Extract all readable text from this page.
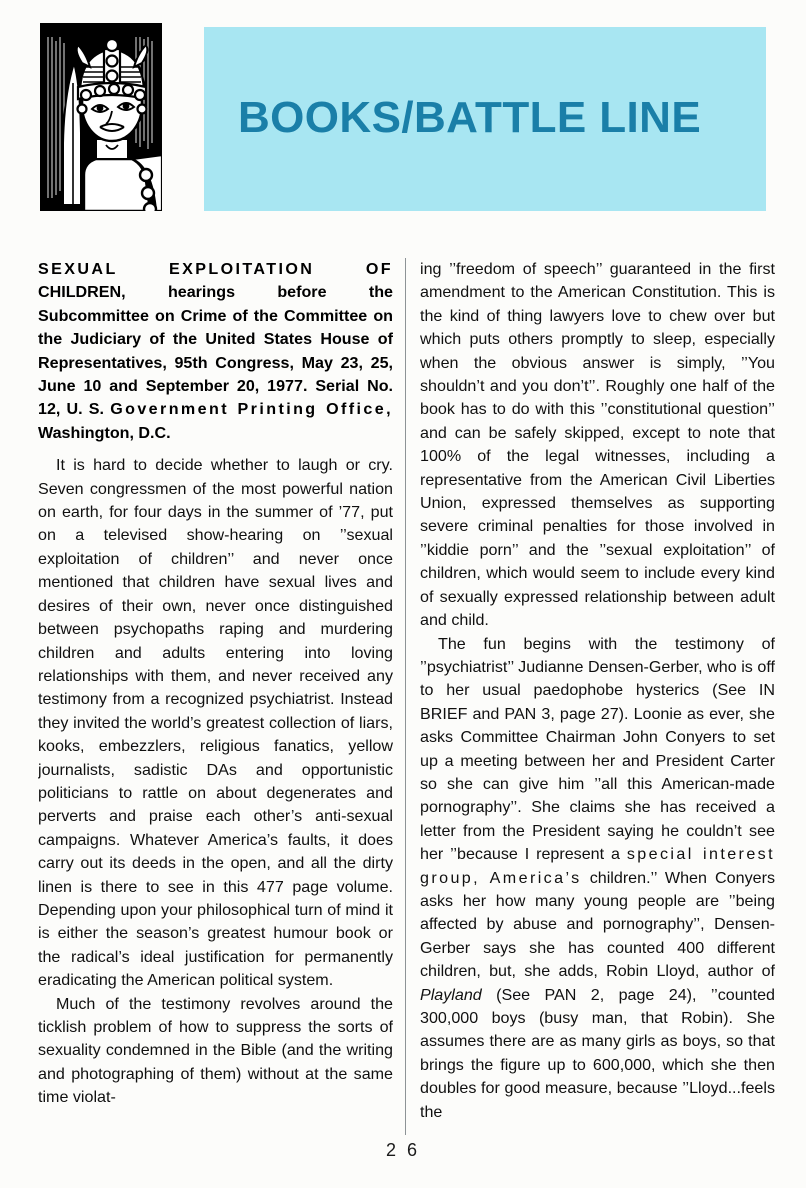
BOOKS/BATTLE LINE

SEXUAL EXPLOITATION OF CHILDREN, hearings before the Subcommittee on Crime of the Committee on the Judiciary of the United States House of Representatives, 95th Congress, May 23, 25, June 10 and September 20, 1977. Serial No. 12, U. S. Government Printing Office, Washington, D.C.

It is hard to decide whether to laugh or cry. Seven congressmen of the most powerful nation on earth, for four days in the summer of ’77, put on a televised show-hearing on ’’sexual exploitation of children’’ and never once mentioned that children have sexual lives and desires of their own, never once distinguished between psychopaths raping and murdering children and adults entering into loving relationships with them, and never received any testimony from a recognized psychiatrist. Instead they invited the world’s greatest collection of liars, kooks, embezzlers, religious fanatics, yellow journalists, sadistic DAs and opportunistic politicians to rattle on about degenerates and perverts and praise each other’s anti-sexual campaigns. Whatever America’s faults, it does carry out its deeds in the open, and all the dirty linen is there to see in this 477 page volume. Depending upon your philosophical turn of mind it is either the season’s greatest humour book or the radical’s ideal justification for permanently eradicating the American political system.

Much of the testimony revolves around the ticklish problem of how to suppress the sorts of sexuality condemned in the Bible (and the writing and photographing of them) without at the same time violat-

ing ’’freedom of speech’’ guaranteed in the first amendment to the American Constitution. This is the kind of thing lawyers love to chew over but which puts others promptly to sleep, especially when the obvious answer is simply, ’’You shouldn’t and you don’t’’. Roughly one half of the book has to do with this ’’constitutional question’’ and can be safely skipped, except to note that 100% of the legal witnesses, including a representative from the American Civil Liberties Union, expressed themselves as supporting severe criminal penalties for those involved in ’’kiddie porn’’ and the ’’sexual exploitation’’ of children, which would seem to include every kind of sexually expressed relationship between adult and child.

The fun begins with the testimony of ’’psychiatrist’’ Judianne Densen-Gerber, who is off to her usual paedophobe hysterics (See IN BRIEF and PAN 3, page 27). Loonie as ever, she asks Committee Chairman John Conyers to set up a meeting between her and President Carter so she can give him ’’all this American-made pornography’’. She claims she has received a letter from the President saying he couldn’t see her ’’because I represent a special interest group, America’s children.’’ When Conyers asks her how many young people are ’’being affected by abuse and pornography’’, Densen-Gerber says she has counted 400 different children, but, she adds, Robin Lloyd, author of Playland (See PAN 2, page 24), ’’counted 300,000 boys (busy man, that Robin). She assumes there are as many girls as boys, so that brings the figure up to 600,000, which she then doubles for good measure, because ’’Lloyd...feels the

2 6
